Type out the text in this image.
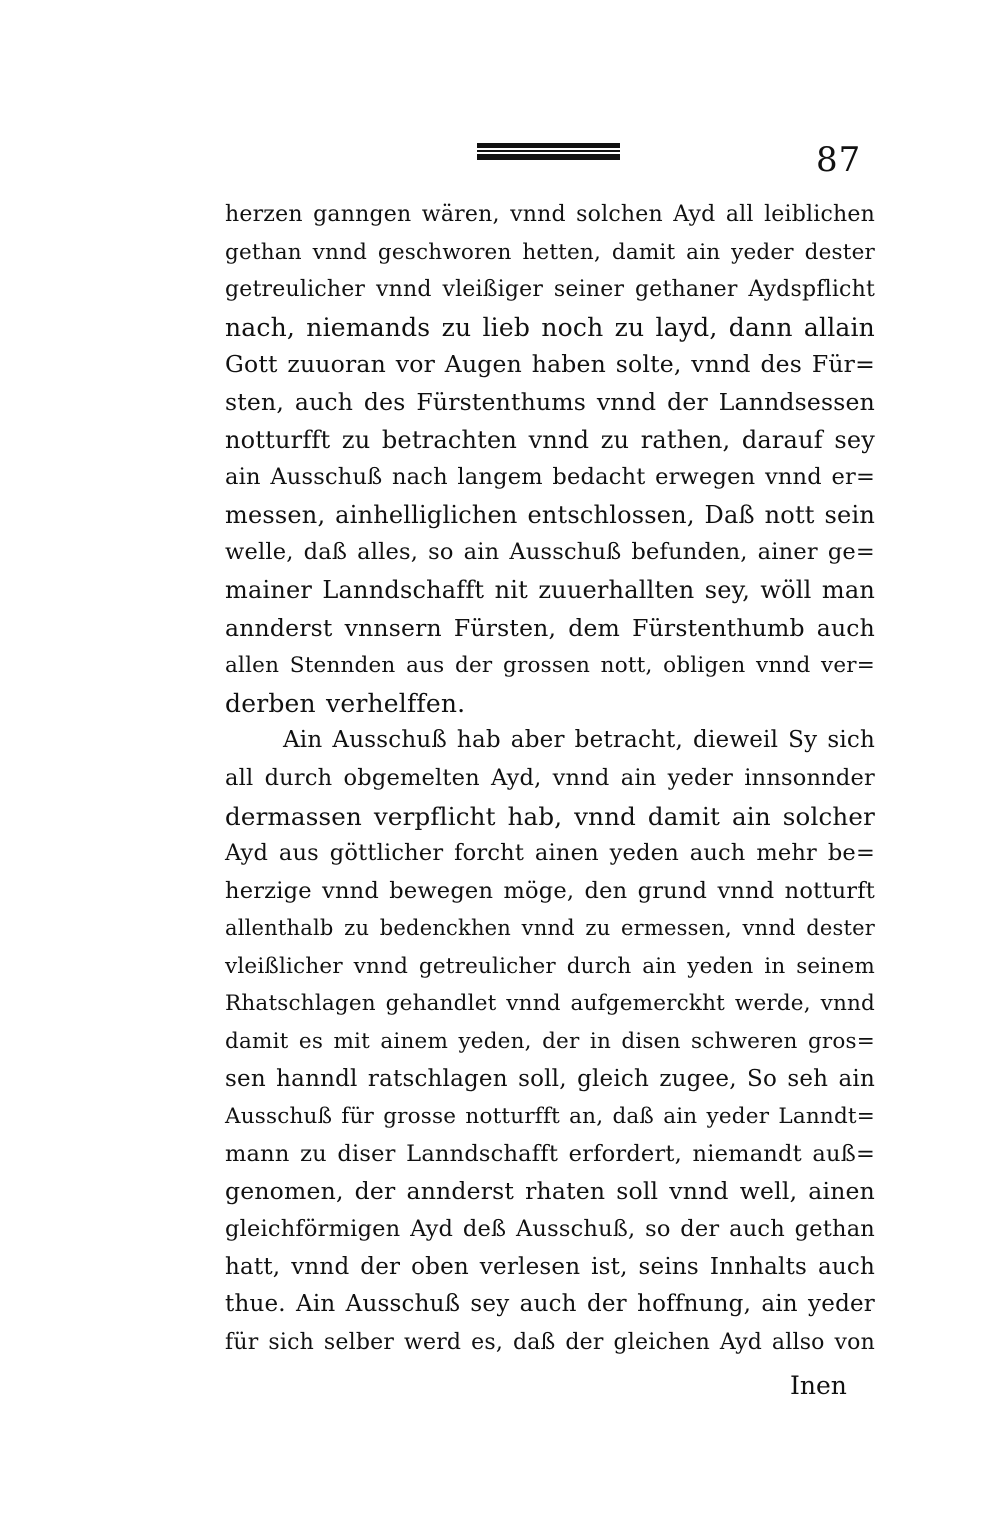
87
herzen ganngen wären, vnnd solchen Ayd all leiblichen
gethan vnnd geschworen hetten, damit ain yeder dester
getreulicher vnnd vleißiger seiner gethaner Aydspflicht
nach, niemands zu lieb noch zu layd, dann allain
Gott zuuoran vor Augen haben solte, vnnd des Für=
sten, auch des Fürstenthums vnnd der Lanndsessen
notturfft zu betrachten vnnd zu rathen, darauf sey
ain Ausschuß nach langem bedacht erwegen vnnd er=
messen, ainhelliglichen entschlossen, Daß nott sein
welle, daß alles, so ain Ausschuß befunden, ainer ge=
mainer Lanndschafft nit zuuerhallten sey, wöll man
annderst vnnsern Fürsten, dem Fürstenthumb auch
allen Stennden aus der grossen nott, obligen vnnd ver=
derben verhelffen.
Ain Ausschuß hab aber betracht, dieweil Sy sich
all durch obgemelten Ayd, vnnd ain yeder innsonnder
dermassen verpflicht hab, vnnd damit ain solcher
Ayd aus göttlicher forcht ainen yeden auch mehr be=
herzige vnnd bewegen möge, den grund vnnd notturft
allenthalb zu bedenckhen vnnd zu ermessen, vnnd dester
vleißlicher vnnd getreulicher durch ain yeden in seinem
Rhatschlagen gehandlet vnnd aufgemerckht werde, vnnd
damit es mit ainem yeden, der in disen schweren gros=
sen hanndl ratschlagen soll, gleich zugee, So seh ain
Ausschuß für grosse notturfft an, daß ain yeder Lanndt=
mann zu diser Lanndschafft erfordert, niemandt auß=
genomen, der annderst rhaten soll vnnd well, ainen
gleichförmigen Ayd deß Ausschuß, so der auch gethan
hatt, vnnd der oben verlesen ist, seins Innhalts auch
thue. Ain Ausschuß sey auch der hoffnung, ain yeder
für sich selber werd es, daß der gleichen Ayd allso von
Inen
